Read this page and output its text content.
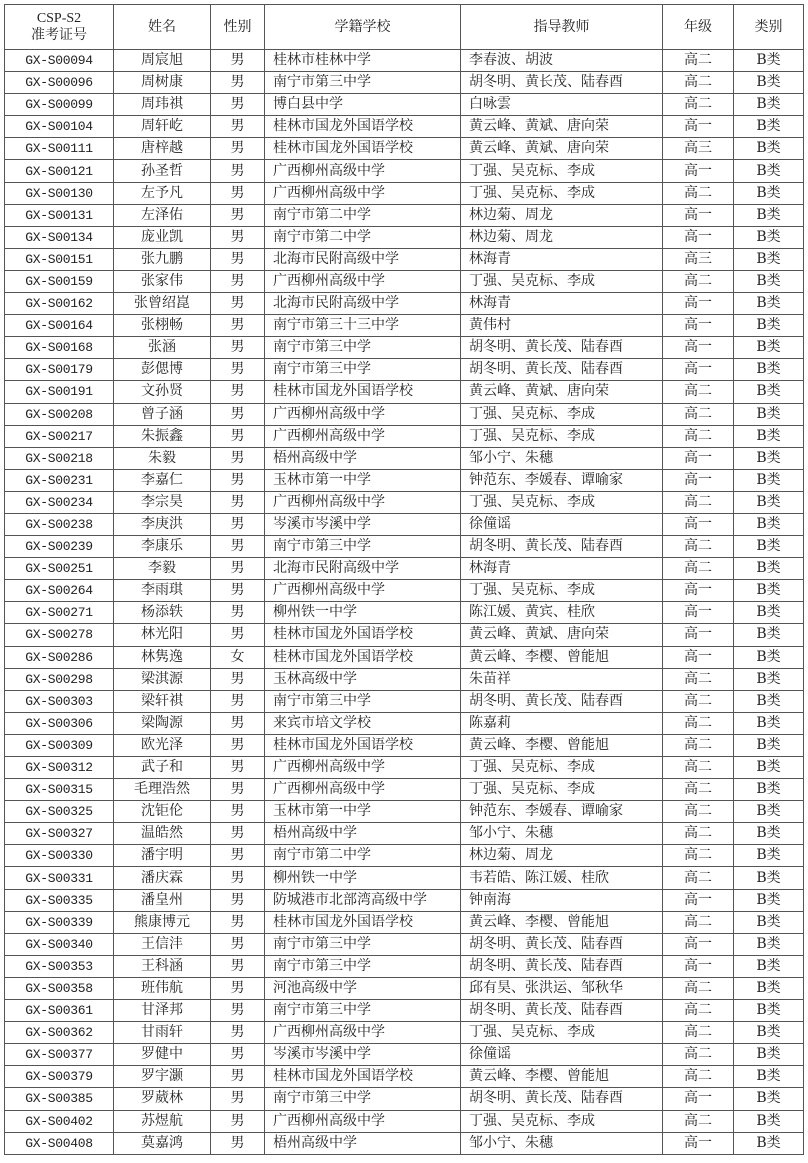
CSP-S2
准考证号	姓名	性别	学籍学校	指导教师	年级	类别
GX-S00094	周宸旭	男	桂林市桂林中学	李春波、胡波	高二	B类
GX-S00096	周树康	男	南宁市第三中学	胡冬明、黄长茂、陆春酉	高二	B类
GX-S00099	周玮祺	男	博白县中学	白咏雲	高二	B类
GX-S00104	周轩屹	男	桂林市国龙外国语学校	黄云峰、黄斌、唐向荣	高一	B类
GX-S00111	唐梓越	男	桂林市国龙外国语学校	黄云峰、黄斌、唐向荣	高三	B类
GX-S00121	孙圣哲	男	广西柳州高级中学	丁强、吴克标、李成	高一	B类
GX-S00130	左予凡	男	广西柳州高级中学	丁强、吴克标、李成	高二	B类
GX-S00131	左泽佑	男	南宁市第二中学	林边菊、周龙	高一	B类
GX-S00134	庞业凯	男	南宁市第二中学	林边菊、周龙	高一	B类
GX-S00151	张九鹏	男	北海市民附高级中学	林海青	高三	B类
GX-S00159	张家伟	男	广西柳州高级中学	丁强、吴克标、李成	高二	B类
GX-S00162	张曾绍崑	男	北海市民附高级中学	林海青	高一	B类
GX-S00164	张栩畅	男	南宁市第三十三中学	黄伟村	高一	B类
GX-S00168	张涵	男	南宁市第三中学	胡冬明、黄长茂、陆春酉	高一	B类
GX-S00179	彭偲博	男	南宁市第三中学	胡冬明、黄长茂、陆春酉	高一	B类
GX-S00191	文孙贤	男	桂林市国龙外国语学校	黄云峰、黄斌、唐向荣	高二	B类
GX-S00208	曾子涵	男	广西柳州高级中学	丁强、吴克标、李成	高二	B类
GX-S00217	朱振鑫	男	广西柳州高级中学	丁强、吴克标、李成	高二	B类
GX-S00218	朱毅	男	梧州高级中学	邹小宁、朱穗	高一	B类
GX-S00231	李嘉仁	男	玉林市第一中学	钟范东、李媛春、谭喻家	高一	B类
GX-S00234	李宗昊	男	广西柳州高级中学	丁强、吴克标、李成	高二	B类
GX-S00238	李庚洪	男	岑溪市岑溪中学	徐僮谣	高一	B类
GX-S00239	李康乐	男	南宁市第三中学	胡冬明、黄长茂、陆春酉	高二	B类
GX-S00251	李毅	男	北海市民附高级中学	林海青	高二	B类
GX-S00264	李雨琪	男	广西柳州高级中学	丁强、吴克标、李成	高一	B类
GX-S00271	杨添轶	男	柳州铁一中学	陈江媛、黄宾、桂欣	高一	B类
GX-S00278	林光阳	男	桂林市国龙外国语学校	黄云峰、黄斌、唐向荣	高一	B类
GX-S00286	林隽逸	女	桂林市国龙外国语学校	黄云峰、李樱、曾能旭	高一	B类
GX-S00298	梁淇源	男	玉林高级中学	朱苗祥	高二	B类
GX-S00303	梁轩祺	男	南宁市第三中学	胡冬明、黄长茂、陆春酉	高二	B类
GX-S00306	梁陶源	男	来宾市培文学校	陈嘉莉	高二	B类
GX-S00309	欧光泽	男	桂林市国龙外国语学校	黄云峰、李樱、曾能旭	高二	B类
GX-S00312	武子和	男	广西柳州高级中学	丁强、吴克标、李成	高二	B类
GX-S00315	毛理浩然	男	广西柳州高级中学	丁强、吴克标、李成	高二	B类
GX-S00325	沈钜伦	男	玉林市第一中学	钟范东、李媛春、谭喻家	高二	B类
GX-S00327	温皓然	男	梧州高级中学	邹小宁、朱穗	高二	B类
GX-S00330	潘宇明	男	南宁市第二中学	林边菊、周龙	高二	B类
GX-S00331	潘庆霖	男	柳州铁一中学	韦若皓、陈江媛、桂欣	高二	B类
GX-S00335	潘皇州	男	防城港市北部湾高级中学	钟南海	高一	B类
GX-S00339	熊康博元	男	桂林市国龙外国语学校	黄云峰、李樱、曾能旭	高二	B类
GX-S00340	王信沣	男	南宁市第三中学	胡冬明、黄长茂、陆春酉	高一	B类
GX-S00353	王科涵	男	南宁市第三中学	胡冬明、黄长茂、陆春酉	高一	B类
GX-S00358	班伟航	男	河池高级中学	邱有昊、张洪运、邹秋华	高二	B类
GX-S00361	甘泽邦	男	南宁市第三中学	胡冬明、黄长茂、陆春酉	高二	B类
GX-S00362	甘雨轩	男	广西柳州高级中学	丁强、吴克标、李成	高二	B类
GX-S00377	罗健中	男	岑溪市岑溪中学	徐僮谣	高二	B类
GX-S00379	罗宇灏	男	桂林市国龙外国语学校	黄云峰、李樱、曾能旭	高二	B类
GX-S00385	罗葳林	男	南宁市第三中学	胡冬明、黄长茂、陆春酉	高一	B类
GX-S00402	苏煜航	男	广西柳州高级中学	丁强、吴克标、李成	高二	B类
GX-S00408	莫嘉鸿	男	梧州高级中学	邹小宁、朱穗	高一	B类
